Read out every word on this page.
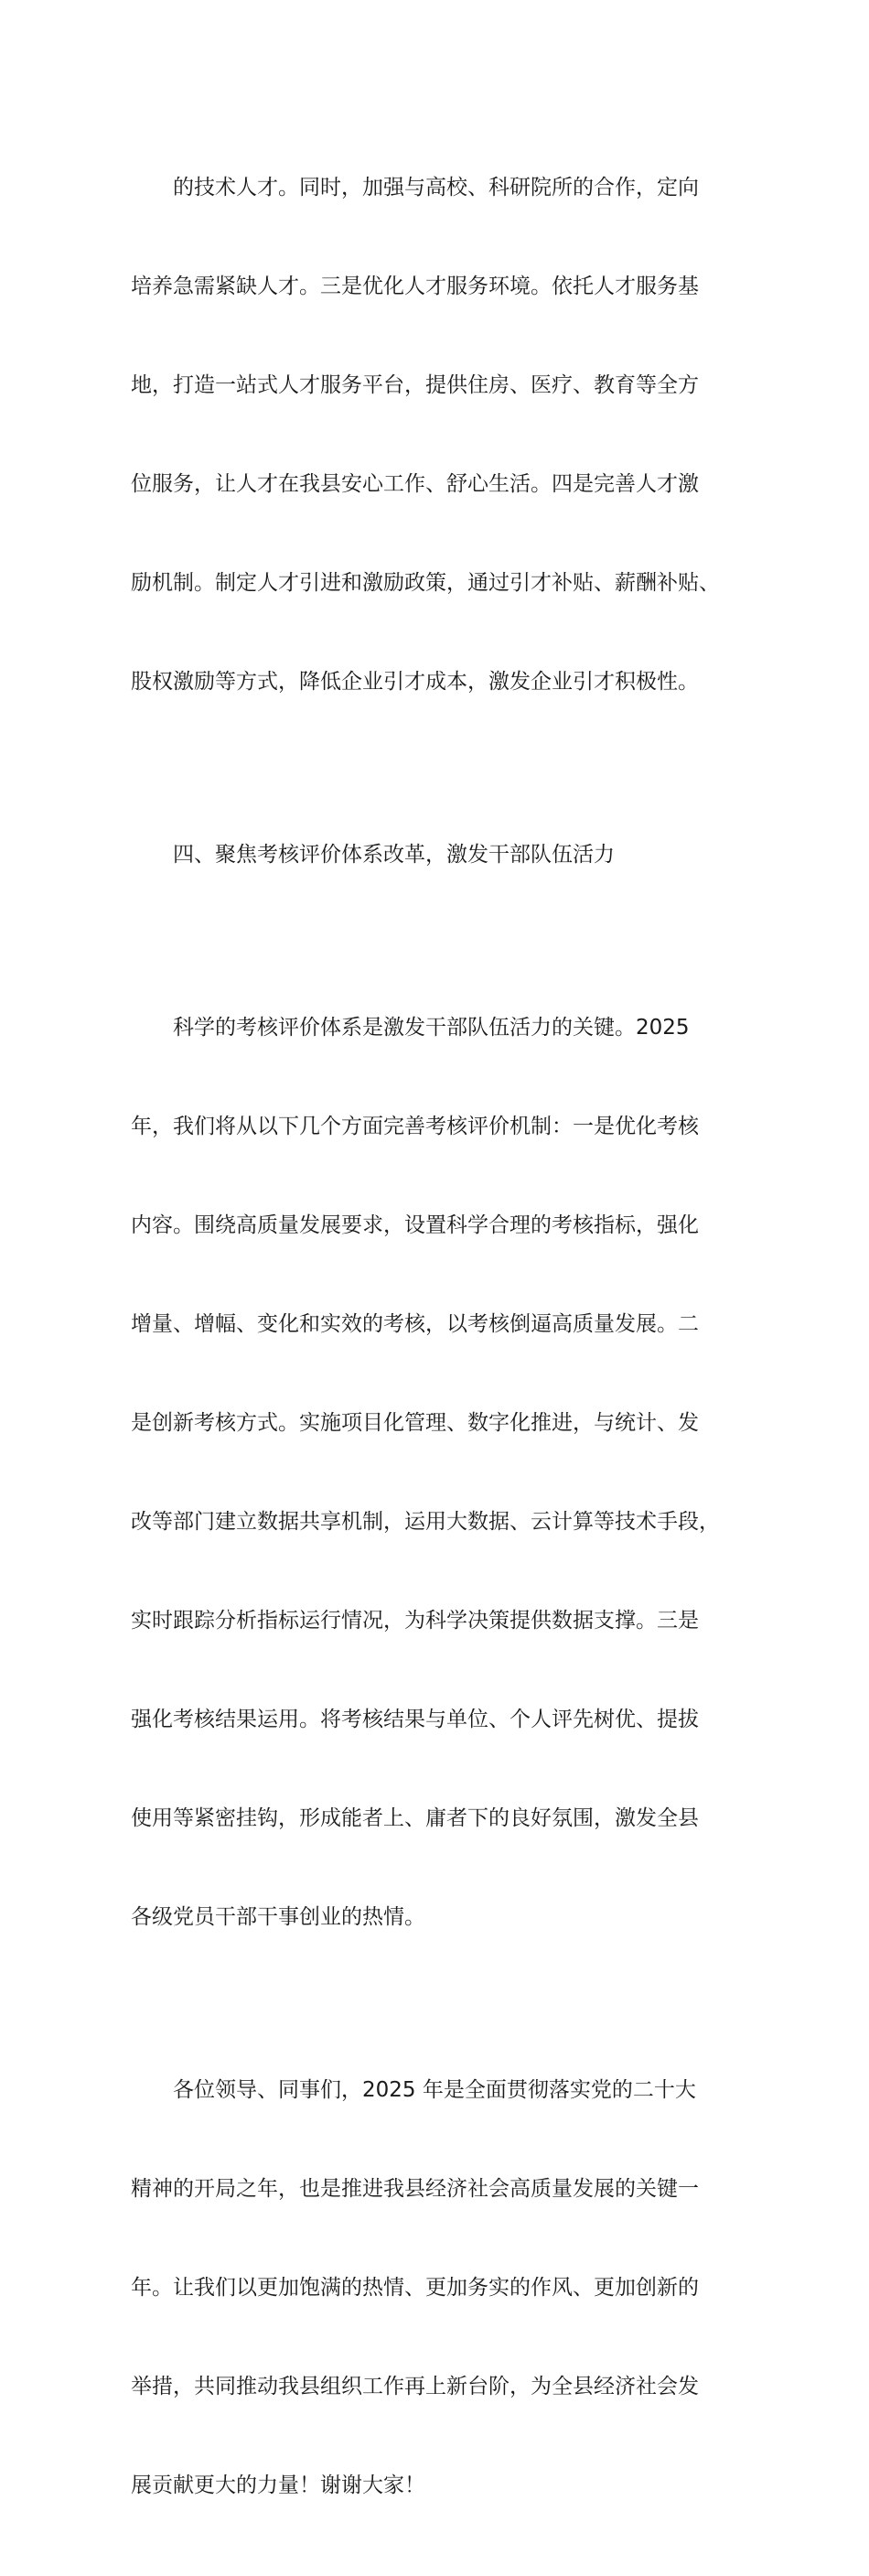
的技术人才。同时，加强与高校、科研院所的合作，定向

培养急需紧缺人才。三是优化人才服务环境。依托人才服务基

地，打造一站式人才服务平台，提供住房、医疗、教育等全方

位服务，让人才在我县安心工作、舒心生活。四是完善人才激

励机制。制定人才引进和激励政策，通过引才补贴、薪酬补贴、

股权激励等方式，降低企业引才成本，激发企业引才积极性。

四、聚焦考核评价体系改革，激发干部队伍活力

科学的考核评价体系是激发干部队伍活力的关键。2025

年，我们将从以下几个方面完善考核评价机制：一是优化考核

内容。围绕高质量发展要求，设置科学合理的考核指标，强化

增量、增幅、变化和实效的考核，以考核倒逼高质量发展。二

是创新考核方式。实施项目化管理、数字化推进，与统计、发

改等部门建立数据共享机制，运用大数据、云计算等技术手段，

实时跟踪分析指标运行情况，为科学决策提供数据支撑。三是

强化考核结果运用。将考核结果与单位、个人评先树优、提拔

使用等紧密挂钩，形成能者上、庸者下的良好氛围，激发全县

各级党员干部干事创业的热情。

各位领导、同事们，2025 年是全面贯彻落实党的二十大

精神的开局之年，也是推进我县经济社会高质量发展的关键一

年。让我们以更加饱满的热情、更加务实的作风、更加创新的

举措，共同推动我县组织工作再上新台阶，为全县经济社会发

展贡献更大的力量！谢谢大家！
